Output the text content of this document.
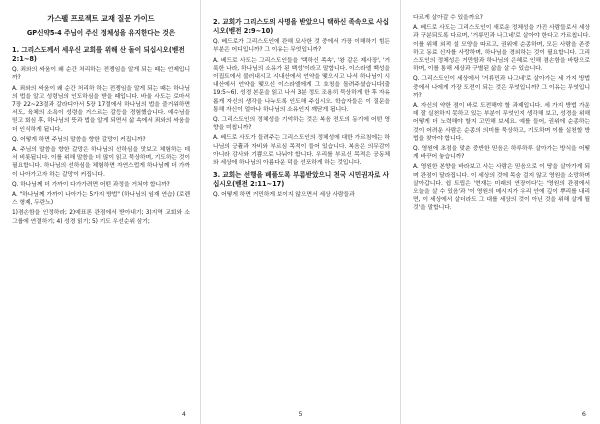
가스펠 프로젝트 교재 질문 가이드
GP신약5-4 주님이 주신 정체성을 유지한다는 것은
1. 그리스도께서 세우신 교회를 위해 산 돌이 되십시오(벧전 2:1~8)
Q. 죄와의 싸움이 왜 순간 처리하는 전쟁임을 알게 되는 때는 언제입니까?
A. 죄와의 싸움이 왜 순간 처리하 하는 전쟁임을 알게 되는 때는 하나님의 법을 알고 성령님의 인도하심을 받을 때입니다. 바울 사도는 로마서 7장 22~23절과 갈라디아서 5장 17절에서 하나님의 법을 즐거워하면서도, 육체의 소욕이 성령을 거스르는 갈등을 경험했습니다. 예수님을 믿고 회심 후, 하나님의 뜻과 법을 알게 되면서 삶 속에서 죄와의 싸움을 더 인식하게 됩니다.
Q. 어떻게 하면 주님의 말씀을 향한 갈망이 커집니까?
A. 주님의 말씀을 향한 갈망은 하나님의 선하심을 맛보고 체험하는 데서 비롯됩니다. 이를 위해 말씀을 더 많이 읽고 묵상하며, 기도하는 것이 필요합니다. 하나님의 선하심을 체험하면 자연스럽게 하나님께 더 가까이 나아가고자 하는 갈망이 커집니다.
Q. 하나님께 더 가까이 다가가려면 어떤 과정을 거쳐야 합니까?
A. "하나님께 가까이 나아가는 5가지 방법" (하나님의 임재 연습) (로렌스 형제, 두란노)
1)겸손함을 인정하라; 2)예표론 관점에서 받아내기; 3)지역 교회와 소그룹에 연결하기; 4) 성경 읽기; 5) 기도 우선순위 삼기;
4
2. 교회가 그리스도의 사명을 받았으니 택하신 족속으로 사십시오(벧전 2:9~10)
Q. 베드로가 그리스도인에 관해 묘사한 것 중에서 가장 이해하기 힘든 부분은 어디입니까? 그 이유는 무엇입니까?
A. 베드로 사도는 그리스도인들을 '택하신 족속', '왕 같은 제사장', '거룩한 나라, 하나님의 소유가 된 백성'이라고 말합니다. 이스라엘 백성을 이집트에서 불러내시고 시내산에서 언약을 맺으시고 나서 하나님이 시내산에서 언약을 맺으신 이스라엘에게 그 호칭을 돌려주셨습니다(출 19:5~6). 성경 본문을 읽고 나서 3분 정도 조용히 묵상하게 한 후 자유롭게 자신의 생각을 나누도록 인도해 주십시오. 학습자들은 이 질문을 통해 자신이 얼마나 하나님의 소유인지 깨닫게 됩니다.
Q. 그리스도인의 정체성을 기억하는 것은 복음 전도의 동기에 어떤 영향을 미칩니까?
A. 베드로 사도가 들려주는 그리스도인의 정체성에 대한 가르침에는 하나님의 긍휼과 자비와 부르심 목적이 들어 있습니다. 복음은 의무감이 아니라 감사와 기쁨으로 나눠야 합니다. 우리를 부르신 목적은 공동체와 세상에 하나님의 아름다운 덕을 선포하게 하는 것입니다.
3. 교회는 선행을 베풀도록 부름받았으니 천국 시민권자로 사십시오(벧전 2:11~17)
Q. 어떻게 하면 거민하게 보이지 않으면서 세상 사람들과
5
다르게 살아갈 수 있을까요?
A. 베드로 사도는 그리스도인이 새로운 정체성을 가진 사람들로서 세상과 구분되도록 다르며, '거류민과 나그네'로 살아야 한다고 가르칩니다. 이를 위해 외적 설 모양을 따르고, 권위에 순종하며, 모든 사람을 존중하고 동료 신자를 사랑하며, 하나님을 경외하는 것이 필요합니다. 그리스도인의 정체성은 거만함과 하나님의 은혜로 인해 겸손함을 바탕으로 하며, 이를 통해 세상과 구별된 삶을 살 수 있습니다.
Q. 그리스도인이 세상에서 '거류민과 나그네'로 살아가는 세 가지 방법 중에서 나에게 가장 도전이 되는 것은 무엇입니까? 그 이유는 무엇입니까?
A. 자신의 약한 점이 바로 도전해야 할 과제입니다. 세 가지 방법 가운데 잘 실천하지 못하고 있는 부분이 무엇인지 생각해 보고, 성경을 위해 어떻게 더 노력해야 할지 고민해 보세요. 예를 들어, 권위에 순종하는 것이 어려운 사람은 순종의 의미를 묵상하고, 기도하며 이를 실천할 방법을 찾아야 합니다.
Q. 영원에 초점을 맞춘 중반한 믿음은 하루하루 살아가는 방식을 어떻게 바꾸어 놓습니까?
A. 영원한 본향을 바라보고 사는 사람은 믿음으로 이 땅을 살아가게 되며 관점이 달라집니다. 이 세상의 것에 목숨 걸지 않고 영원을 소망하며 살아갑니다. 쉽 트립은 '현재는 미래의 연장이다'는 '영원의 관점에서 오늘을 살 수 있음'과 '이 영원의 메시지가 우리 안에 깊이 뿌리를 내리면, 이 세상에서 살더라도 그 대를 세상의 것이 아닌 것을 위해 살게 될 것'을 말합니다.
6
